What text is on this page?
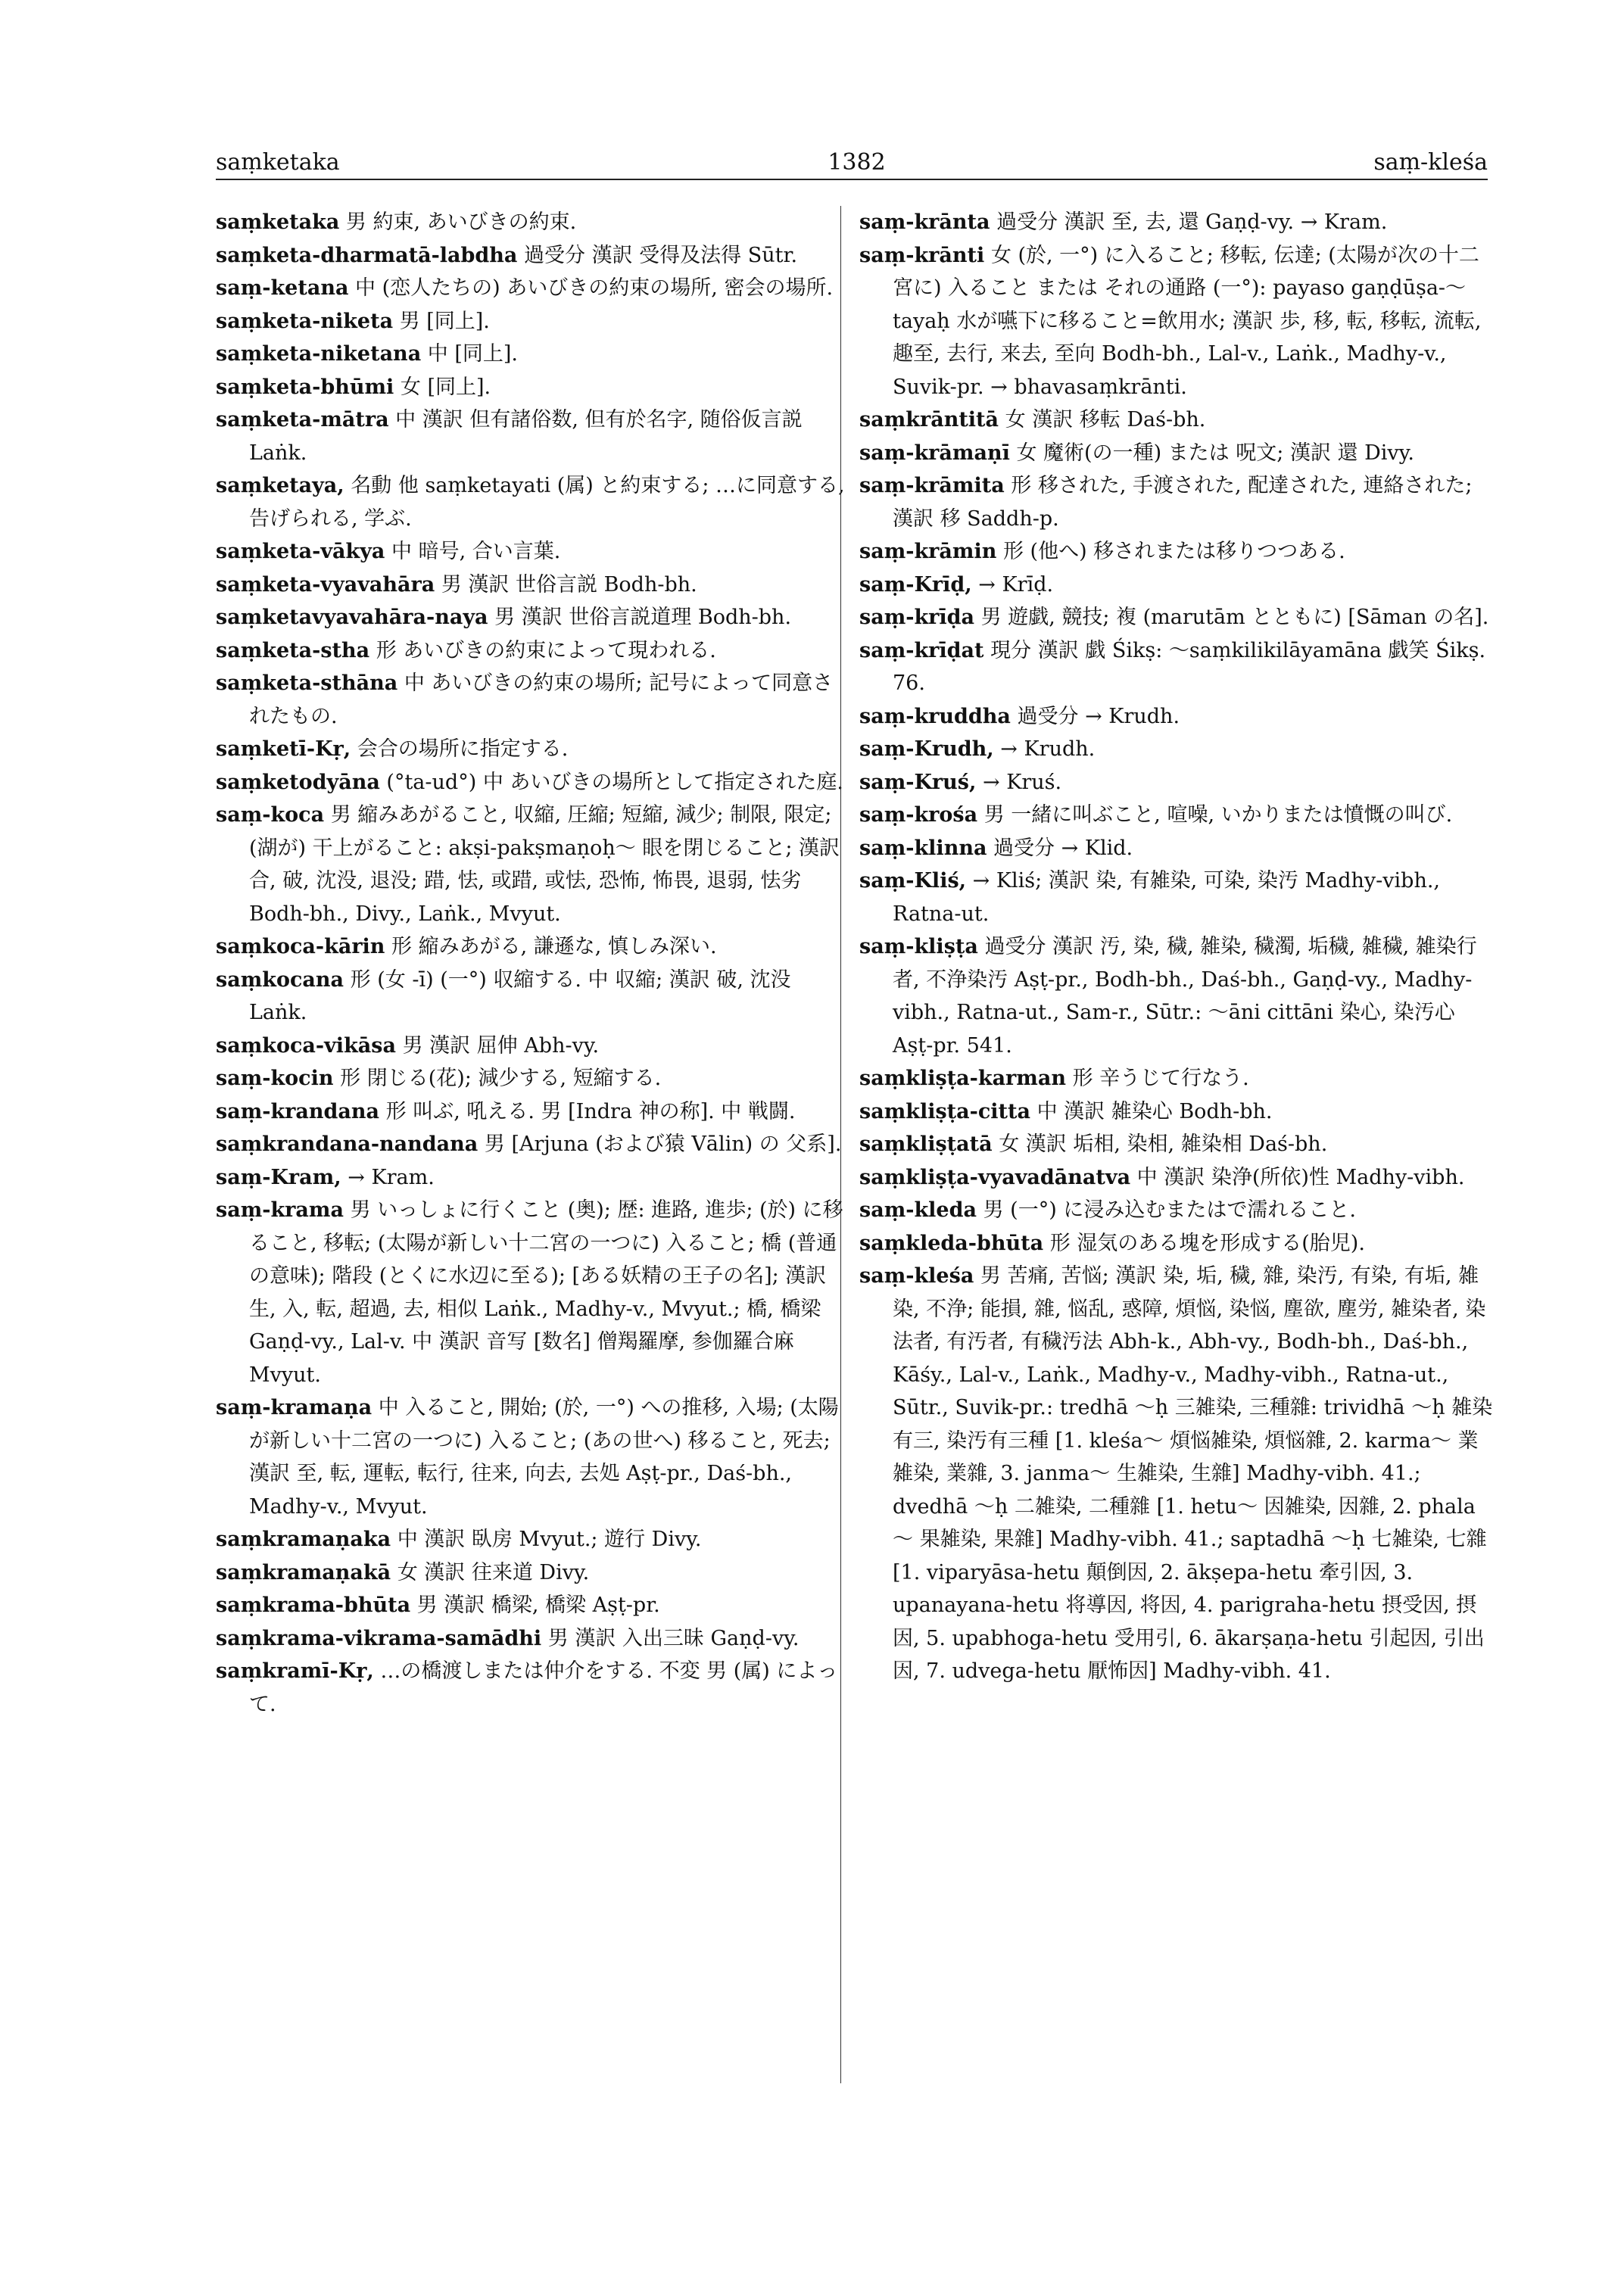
saṃketaka	1382	saṃ-kleśa

saṃketaka 男 約束, あいびきの約束.

saṃketa-dharmatā-labdha 過受分 漢訳 受得及法得 Sūtr.

saṃ-ketana 中 (恋人たちの) あいびきの約束の場所, 密会の場所.

saṃketa-niketa 男 [同上].

saṃketa-niketana 中 [同上].

saṃketa-bhūmi 女 [同上].

saṃketa-mātra 中 漢訳 但有諸俗数, 但有於名字, 随俗仮言説 Laṅk.

saṃketaya, 名動 他 saṃketayati (属) と約束する; …に同意する, 告げられる, 学ぶ.

saṃketa-vākya 中 暗号, 合い言葉.

saṃketa-vyavahāra 男 漢訳 世俗言説 Bodh-bh.

saṃketavyavahāra-naya 男 漢訳 世俗言説道理 Bodh-bh.

saṃketa-stha 形 あいびきの約束によって現われる.

saṃketa-sthāna 中 あいびきの約束の場所; 記号によって同意されたもの.

saṃketī-Kṛ, 会合の場所に指定する.

saṃketodyāna (°ta-ud°) 中 あいびきの場所として指定された庭.

saṃ-koca 男 縮みあがること, 収縮, 圧縮; 短縮, 減少; 制限, 限定; (湖が) 干上がること: akṣi-pakṣmaṇoḥ～ 眼を閉じること; 漢訳 合, 破, 沈没, 退没; 踖, 怯, 或踖, 或怯, 恐怖, 怖畏, 退弱, 怯劣 Bodh-bh., Divy., Laṅk., Mvyut.

saṃkoca-kārin 形 縮みあがる, 謙遜な, 慎しみ深い.

saṃkocana 形 (女 -ī) (一°) 収縮する. 中 収縮; 漢訳 破, 沈没 Laṅk.

saṃkoca-vikāsa 男 漢訳 屈伸 Abh-vy.

saṃ-kocin 形 閉じる(花); 減少する, 短縮する.

saṃ-krandana 形 叫ぶ, 吼える. 男 [Indra 神の称]. 中 戦闘.

saṃkrandana-nandana 男 [Arjuna (および猿 Vālin) の 父系].

saṃ-Kram, → Kram.

saṃ-krama 男 いっしょに行くこと (奥); 歴: 進路, 進歩; (於) に移ること, 移転; (太陽が新しい十二宮の一つに) 入ること; 橋 (普通の意味); 階段 (とくに水辺に至る); [ある妖精の王子の名]; 漢訳 生, 入, 転, 超過, 去, 相似 Laṅk., Madhy-v., Mvyut.; 橋, 橋梁 Gaṇḍ-vy., Lal-v. 中 漢訳 音写 [数名] 僧羯羅摩, 参伽羅合麻 Mvyut.

saṃ-kramaṇa 中 入ること, 開始; (於, 一°) への推移, 入場; (太陽が新しい十二宮の一つに) 入ること; (あの世へ) 移ること, 死去; 漢訳 至, 転, 運転, 転行, 往来, 向去, 去処 Aṣṭ-pr., Daś-bh., Madhy-v., Mvyut.

saṃkramaṇaka 中 漢訳 臥房 Mvyut.; 遊行 Divy.

saṃkramaṇakā 女 漢訳 往来道 Divy.

saṃkrama-bhūta 男 漢訳 橋梁, 橋梁 Aṣṭ-pr.

saṃkrama-vikrama-samādhi 男 漢訳 入出三昧 Gaṇḍ-vy.

saṃkramī-Kṛ, …の橋渡しまたは仲介をする. 不変 男 (属) によって.

saṃ-krānta 過受分 漢訳 至, 去, 還 Gaṇḍ-vy. → Kram.

saṃ-krānti 女 (於, 一°) に入ること; 移転, 伝達; (太陽が次の十二宮に) 入ること または それの通路 (一°): payaso gaṇḍūṣa-～tayaḥ 水が嚥下に移ること=飲用水; 漢訳 歩, 移, 転, 移転, 流転, 趣至, 去行, 来去, 至向 Bodh-bh., Lal-v., Laṅk., Madhy-v., Suvik-pr. → bhavasaṃkrānti.

saṃkrāntitā 女 漢訳 移転 Daś-bh.

saṃ-krāmaṇī 女 魔術(の一種) または 呪文; 漢訳 還 Divy.

saṃ-krāmita 形 移された, 手渡された, 配達された, 連絡された; 漢訳 移 Saddh-p.

saṃ-krāmin 形 (他へ) 移されまたは移りつつある.

saṃ-Krīḍ, → Krīḍ.

saṃ-krīḍa 男 遊戯, 競技; 複 (marutām とともに) [Sāman の名].

saṃ-krīḍat 現分 漢訳 戯 Śikṣ: ～saṃkilikilāyamāna 戯笑 Śikṣ. 76.

saṃ-kruddha 過受分 → Krudh.

saṃ-Krudh, → Krudh.

saṃ-Kruś, → Kruś.

saṃ-krośa 男 一緒に叫ぶこと, 喧噪, いかりまたは憤慨の叫び.

saṃ-klinna 過受分 → Klid.

saṃ-Kliś, → Kliś; 漢訳 染, 有雑染, 可染, 染汚 Madhy-vibh., Ratna-ut.

saṃ-kliṣṭa 過受分 漢訳 汚, 染, 穢, 雑染, 穢濁, 垢穢, 雑穢, 雑染行者, 不浄染汚 Aṣṭ-pr., Bodh-bh., Daś-bh., Gaṇḍ-vy., Madhy-vibh., Ratna-ut., Sam-r., Sūtr.: ～āni cittāni 染心, 染汚心 Aṣṭ-pr. 541.

saṃkliṣṭa-karman 形 辛うじて行なう.

saṃkliṣṭa-citta 中 漢訳 雑染心 Bodh-bh.

saṃkliṣṭatā 女 漢訳 垢相, 染相, 雑染相 Daś-bh.

saṃkliṣṭa-vyavadānatva 中 漢訳 染浄(所依)性 Madhy-vibh.

saṃ-kleda 男 (一°) に浸み込むまたはで濡れること.

saṃkleda-bhūta 形 湿気のある塊を形成する(胎児).

saṃ-kleśa 男 苦痛, 苦悩; 漢訳 染, 垢, 穢, 雜, 染汚, 有染, 有垢, 雑染, 不浄; 能損, 雜, 悩乱, 惑障, 煩悩, 染悩, 塵欲, 塵労, 雑染者, 染法者, 有汚者, 有穢汚法 Abh-k., Abh-vy., Bodh-bh., Daś-bh., Kāśy., Lal-v., Laṅk., Madhy-v., Madhy-vibh., Ratna-ut., Sūtr., Suvik-pr.: tredhā ～ḥ 三雑染, 三種雜: trividhā ～ḥ 雑染有三, 染汚有三種 [1. kleśa～ 煩悩雑染, 煩悩雜, 2. karma～ 業雑染, 業雜, 3. janma～ 生雑染, 生雜] Madhy-vibh. 41.; dvedhā ～ḥ 二雑染, 二種雜 [1. hetu～ 因雑染, 因雜, 2. phala～ 果雑染, 果雜] Madhy-vibh. 41.; saptadhā ～ḥ 七雑染, 七雜 [1. viparyāsa-hetu 顛倒因, 2. ākṣepa-hetu 牽引因, 3. upanayana-hetu 将導因, 将因, 4. parigraha-hetu 摂受因, 摂因, 5. upabhoga-hetu 受用引, 6. ākarṣaṇa-hetu 引起因, 引出因, 7. udvega-hetu 厭怖因] Madhy-vibh. 41.
